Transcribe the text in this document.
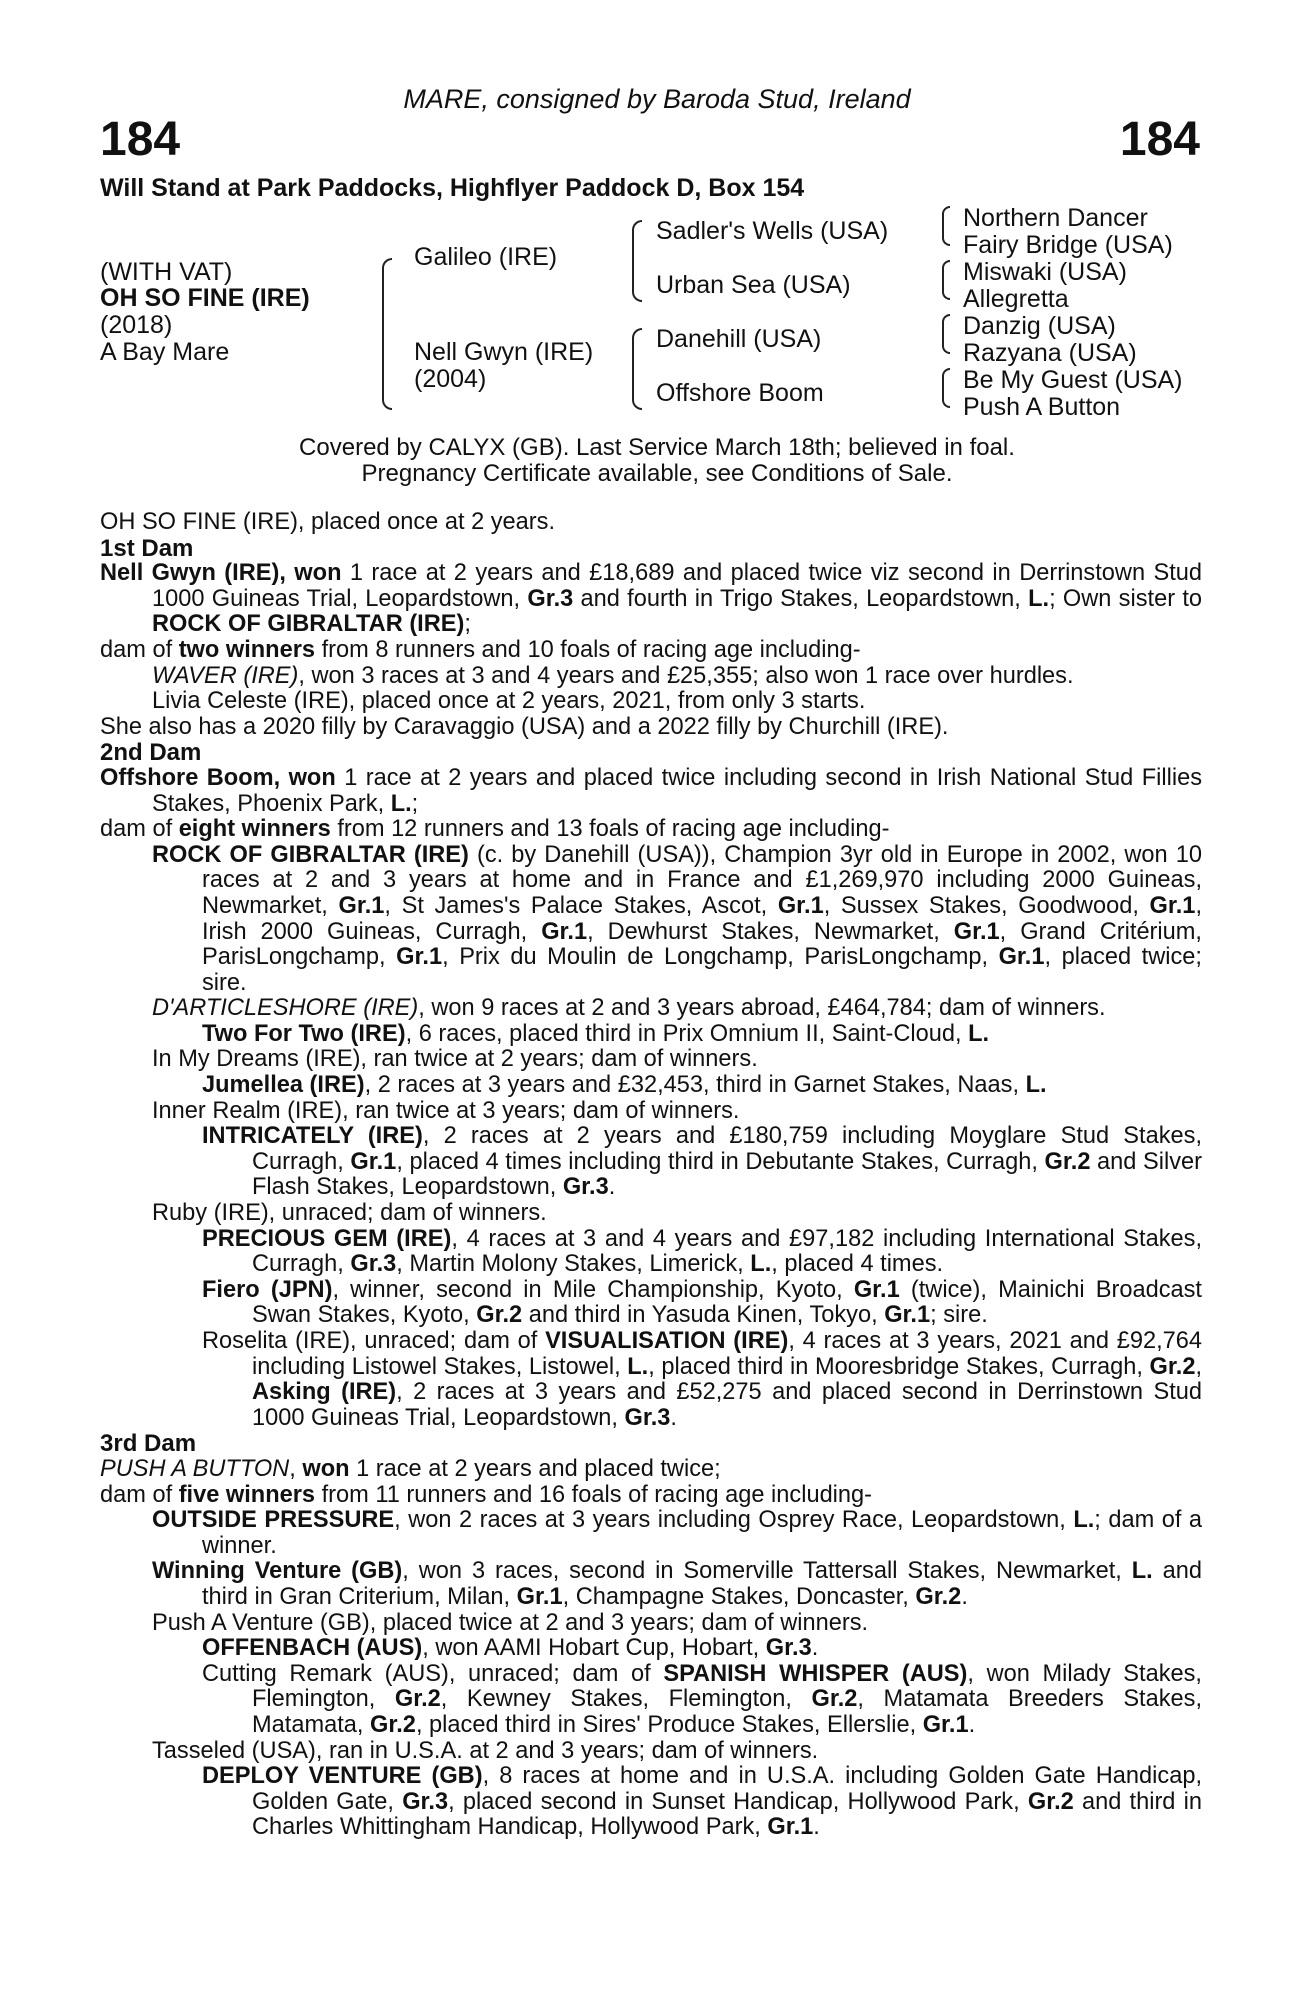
MARE, consigned by Baroda Stud, Ireland
184	184
Will Stand at Park Paddocks, Highflyer Paddock D, Box 154
(WITH VAT)
OH SO FINE (IRE)
(2018)
A Bay Mare
Galileo (IRE)
Nell Gwyn (IRE)
(2004)
Sadler's Wells (USA)
Urban Sea (USA)
Danehill (USA)
Offshore Boom
Northern Dancer
Fairy Bridge (USA)
Miswaki (USA)
Allegretta
Danzig (USA)
Razyana (USA)
Be My Guest (USA)
Push A Button
Covered by CALYX (GB). Last Service March 18th; believed in foal.
Pregnancy Certificate available, see Conditions of Sale.

OH SO FINE (IRE), placed once at 2 years.

1st Dam

Nell Gwyn (IRE), won 1 race at 2 years and £18,689 and placed twice viz second in Derrinstown Stud 1000 Guineas Trial, Leopardstown, Gr.3 and fourth in Trigo Stakes, Leopardstown, L.; Own sister to ROCK OF GIBRALTAR (IRE);

dam of two winners from 8 runners and 10 foals of racing age including-

WAVER (IRE), won 3 races at 3 and 4 years and £25,355; also won 1 race over hurdles.

Livia Celeste (IRE), placed once at 2 years, 2021, from only 3 starts.

She also has a 2020 filly by Caravaggio (USA) and a 2022 filly by Churchill (IRE).

2nd Dam

Offshore Boom, won 1 race at 2 years and placed twice including second in Irish National Stud Fillies Stakes, Phoenix Park, L.;

dam of eight winners from 12 runners and 13 foals of racing age including-

ROCK OF GIBRALTAR (IRE) (c. by Danehill (USA)), Champion 3yr old in Europe in 2002, won 10 races at 2 and 3 years at home and in France and £1,269,970 including 2000 Guineas, Newmarket, Gr.1, St James's Palace Stakes, Ascot, Gr.1, Sussex Stakes, Goodwood, Gr.1, Irish 2000 Guineas, Curragh, Gr.1, Dewhurst Stakes, Newmarket, Gr.1, Grand Critérium, ParisLongchamp, Gr.1, Prix du Moulin de Longchamp, ParisLongchamp, Gr.1, placed twice; sire.

D'ARTICLESHORE (IRE), won 9 races at 2 and 3 years abroad, £464,784; dam of winners.

Two For Two (IRE), 6 races, placed third in Prix Omnium II, Saint-Cloud, L.

In My Dreams (IRE), ran twice at 2 years; dam of winners.

Jumellea (IRE), 2 races at 3 years and £32,453, third in Garnet Stakes, Naas, L.

Inner Realm (IRE), ran twice at 3 years; dam of winners.

INTRICATELY (IRE), 2 races at 2 years and £180,759 including Moyglare Stud Stakes, Curragh, Gr.1, placed 4 times including third in Debutante Stakes, Curragh, Gr.2 and Silver Flash Stakes, Leopardstown, Gr.3.

Ruby (IRE), unraced; dam of winners.

PRECIOUS GEM (IRE), 4 races at 3 and 4 years and £97,182 including International Stakes, Curragh, Gr.3, Martin Molony Stakes, Limerick, L., placed 4 times.

Fiero (JPN), winner, second in Mile Championship, Kyoto, Gr.1 (twice), Mainichi Broadcast Swan Stakes, Kyoto, Gr.2 and third in Yasuda Kinen, Tokyo, Gr.1; sire.

Roselita (IRE), unraced; dam of VISUALISATION (IRE), 4 races at 3 years, 2021 and £92,764 including Listowel Stakes, Listowel, L., placed third in Mooresbridge Stakes, Curragh, Gr.2, Asking (IRE), 2 races at 3 years and £52,275 and placed second in Derrinstown Stud 1000 Guineas Trial, Leopardstown, Gr.3.

3rd Dam

PUSH A BUTTON, won 1 race at 2 years and placed twice;

dam of five winners from 11 runners and 16 foals of racing age including-

OUTSIDE PRESSURE, won 2 races at 3 years including Osprey Race, Leopardstown, L.; dam of a winner.

Winning Venture (GB), won 3 races, second in Somerville Tattersall Stakes, Newmarket, L. and third in Gran Criterium, Milan, Gr.1, Champagne Stakes, Doncaster, Gr.2.

Push A Venture (GB), placed twice at 2 and 3 years; dam of winners.

OFFENBACH (AUS), won AAMI Hobart Cup, Hobart, Gr.3.

Cutting Remark (AUS), unraced; dam of SPANISH WHISPER (AUS), won Milady Stakes, Flemington, Gr.2, Kewney Stakes, Flemington, Gr.2, Matamata Breeders Stakes, Matamata, Gr.2, placed third in Sires' Produce Stakes, Ellerslie, Gr.1.

Tasseled (USA), ran in U.S.A. at 2 and 3 years; dam of winners.

DEPLOY VENTURE (GB), 8 races at home and in U.S.A. including Golden Gate Handicap, Golden Gate, Gr.3, placed second in Sunset Handicap, Hollywood Park, Gr.2 and third in Charles Whittingham Handicap, Hollywood Park, Gr.1.
